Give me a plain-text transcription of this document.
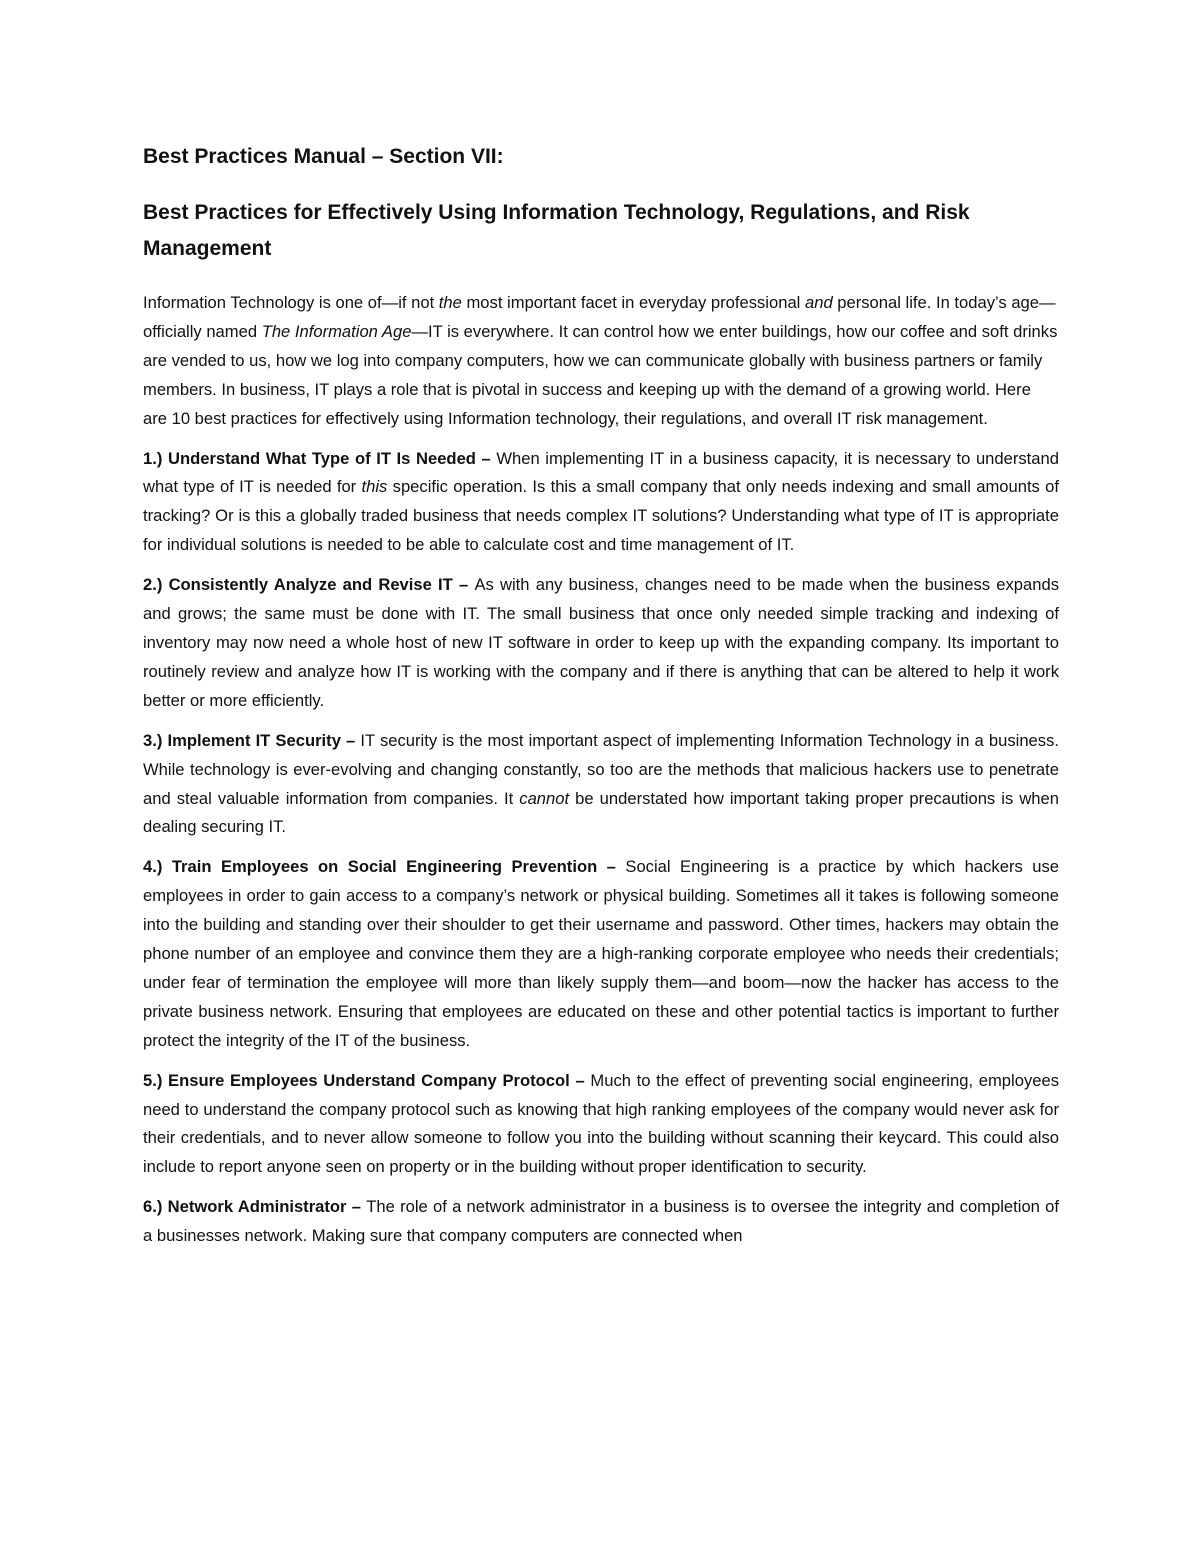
Best Practices Manual – Section VII:
Best Practices for Effectively Using Information Technology, Regulations, and Risk Management

Information Technology is one of—if not the most important facet in everyday professional and personal life. In today’s age—officially named The Information Age—IT is everywhere. It can control how we enter buildings, how our coffee and soft drinks are vended to us, how we log into company computers, how we can communicate globally with business partners or family members. In business, IT plays a role that is pivotal in success and keeping up with the demand of a growing world. Here are 10 best practices for effectively using Information technology, their regulations, and overall IT risk management.

1.) Understand What Type of IT Is Needed – When implementing IT in a business capacity, it is necessary to understand what type of IT is needed for this specific operation. Is this a small company that only needs indexing and small amounts of tracking? Or is this a globally traded business that needs complex IT solutions? Understanding what type of IT is appropriate for individual solutions is needed to be able to calculate cost and time management of IT.

2.) Consistently Analyze and Revise IT – As with any business, changes need to be made when the business expands and grows; the same must be done with IT. The small business that once only needed simple tracking and indexing of inventory may now need a whole host of new IT software in order to keep up with the expanding company. Its important to routinely review and analyze how IT is working with the company and if there is anything that can be altered to help it work better or more efficiently.

3.) Implement IT Security – IT security is the most important aspect of implementing Information Technology in a business. While technology is ever-evolving and changing constantly, so too are the methods that malicious hackers use to penetrate and steal valuable information from companies. It cannot be understated how important taking proper precautions is when dealing securing IT.

4.) Train Employees on Social Engineering Prevention – Social Engineering is a practice by which hackers use employees in order to gain access to a company’s network or physical building. Sometimes all it takes is following someone into the building and standing over their shoulder to get their username and password. Other times, hackers may obtain the phone number of an employee and convince them they are a high-ranking corporate employee who needs their credentials; under fear of termination the employee will more than likely supply them—and boom—now the hacker has access to the private business network. Ensuring that employees are educated on these and other potential tactics is important to further protect the integrity of the IT of the business.

5.) Ensure Employees Understand Company Protocol – Much to the effect of preventing social engineering, employees need to understand the company protocol such as knowing that high ranking employees of the company would never ask for their credentials, and to never allow someone to follow you into the building without scanning their keycard. This could also include to report anyone seen on property or in the building without proper identification to security.

6.) Network Administrator – The role of a network administrator in a business is to oversee the integrity and completion of a businesses network. Making sure that company computers are connected when
